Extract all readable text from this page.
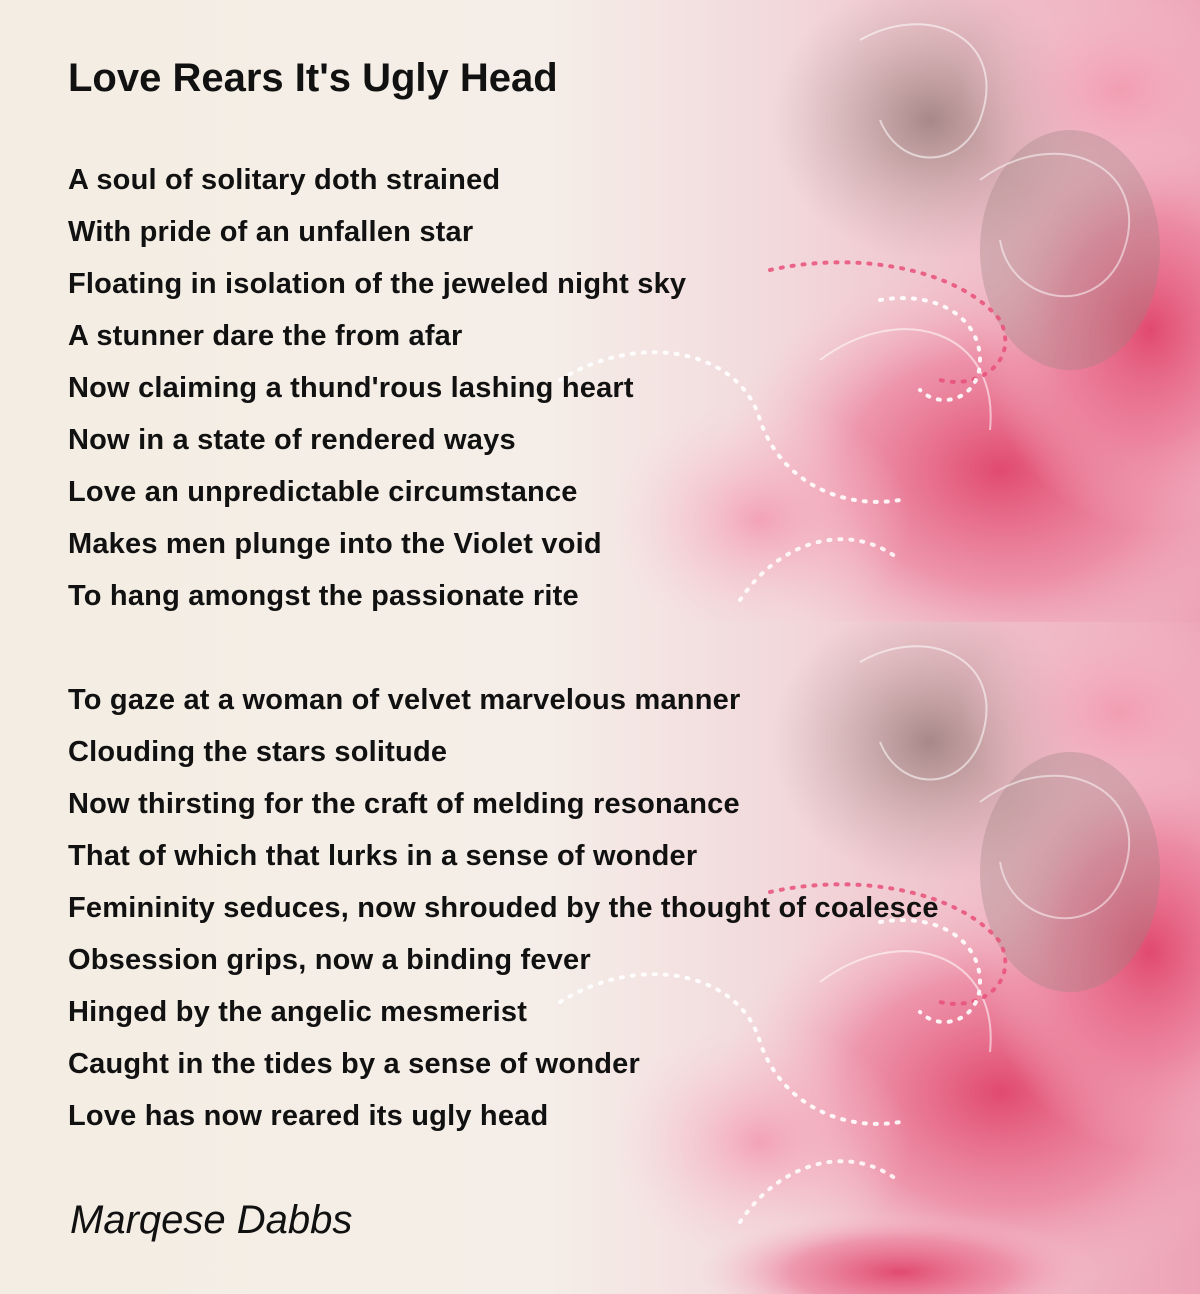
Love Rears It's Ugly Head
A soul of solitary doth strained
With pride of an unfallen star
Floating in isolation of the jeweled night sky
A stunner dare the from afar
Now claiming a thund'rous lashing heart
Now in a state of rendered ways
Love an unpredictable circumstance
Makes men plunge into the Violet void
To hang amongst the passionate rite
To gaze at a woman of velvet marvelous manner
Clouding the stars solitude
Now thirsting for the craft of melding resonance
That of which that lurks in a sense of wonder
Femininity seduces, now shrouded by the thought of coalesce
Obsession grips, now a binding fever
Hinged by the angelic mesmerist
Caught in the tides by a sense of wonder
Love has now reared its ugly head

Marqese Dabbs
